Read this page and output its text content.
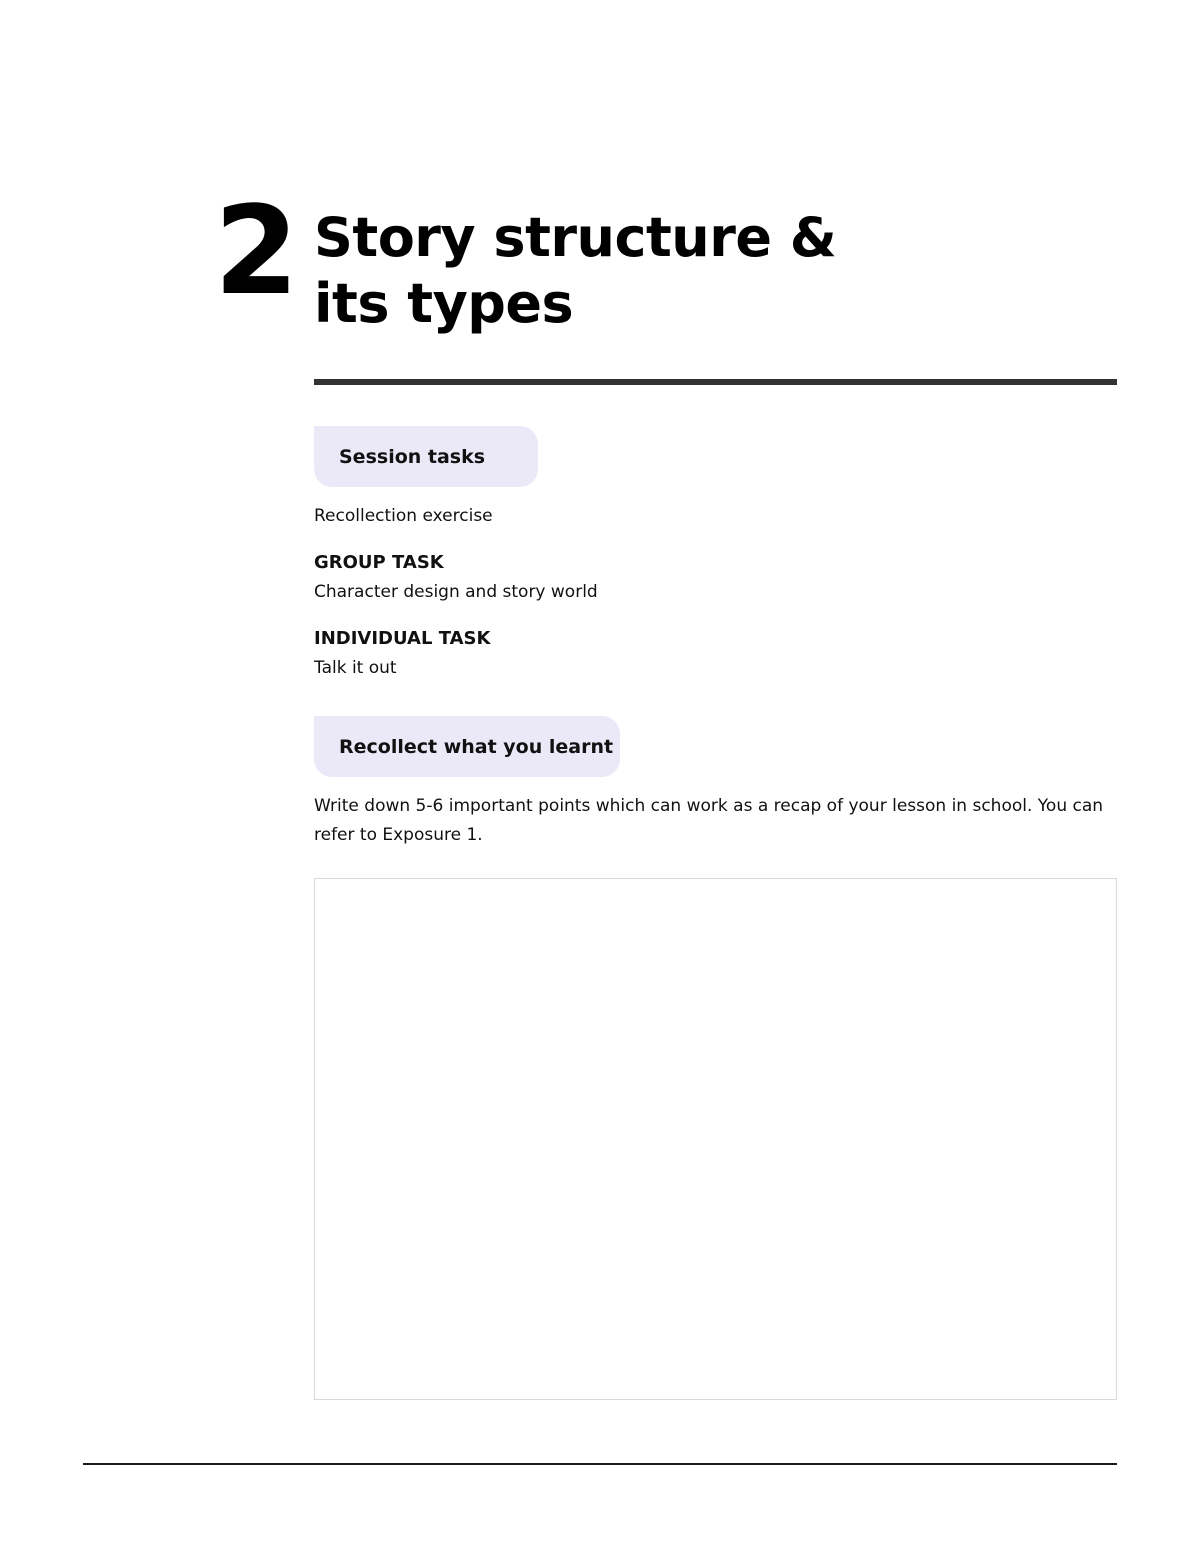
2 Story structure &
its types
Session tasks

Recollection exercise

GROUP TASK

Character design and story world

INDIVIDUAL TASK

Talk it out

Recollect what you learnt
Write down 5-6 important points which can work as a recap of your lesson in school. You can
refer to Exposure 1.
